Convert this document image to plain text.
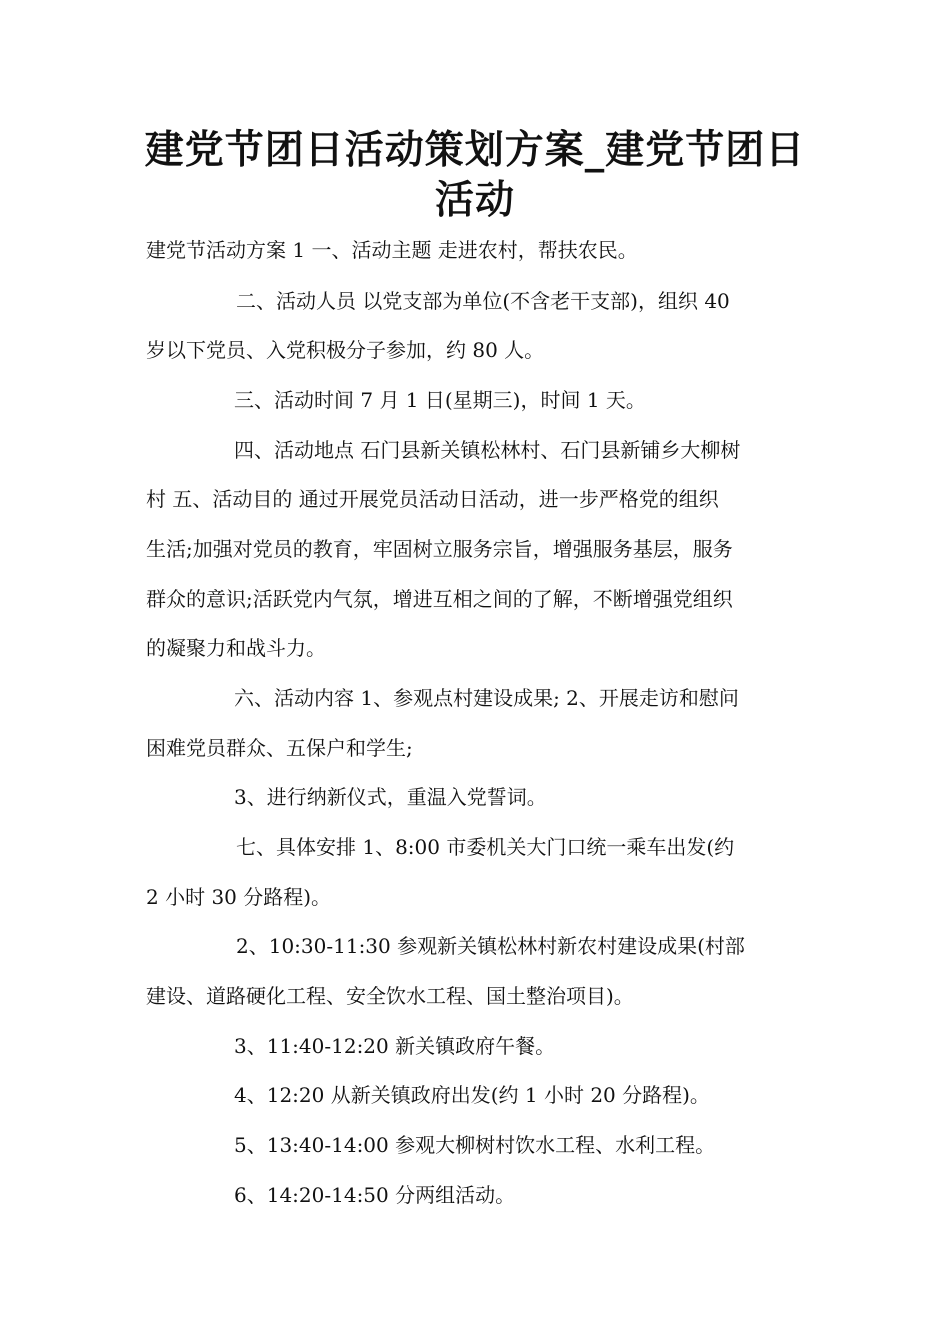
建党节团日活动策划方案_建党节团日
活动

建党节活动方案 1 一、活动主题 走进农村，帮扶农民。

二、活动人员 以党支部为单位(不含老干支部)，组织 40

岁以下党员、入党积极分子参加，约 80 人。

三、活动时间 7 月 1 日(星期三)，时间 1 天。

四、活动地点 石门县新关镇松林村、石门县新铺乡大柳树

村 五、活动目的 通过开展党员活动日活动，进一步严格党的组织

生活;加强对党员的教育，牢固树立服务宗旨，增强服务基层，服务

群众的意识;活跃党内气氛，增进互相之间的了解，不断增强党组织

的凝聚力和战斗力。

六、活动内容 1、参观点村建设成果; 2、开展走访和慰问

困难党员群众、五保户和学生;

3、进行纳新仪式，重温入党誓词。

七、具体安排 1、8:00 市委机关大门口统一乘车出发(约

2 小时 30 分路程)。

2、10:30-11:30 参观新关镇松林村新农村建设成果(村部

建设、道路硬化工程、安全饮水工程、国土整治项目)。

3、11:40-12:20 新关镇政府午餐。

4、12:20 从新关镇政府出发(约 1 小时 20 分路程)。

5、13:40-14:00 参观大柳树村饮水工程、水利工程。

6、14:20-14:50 分两组活动。
